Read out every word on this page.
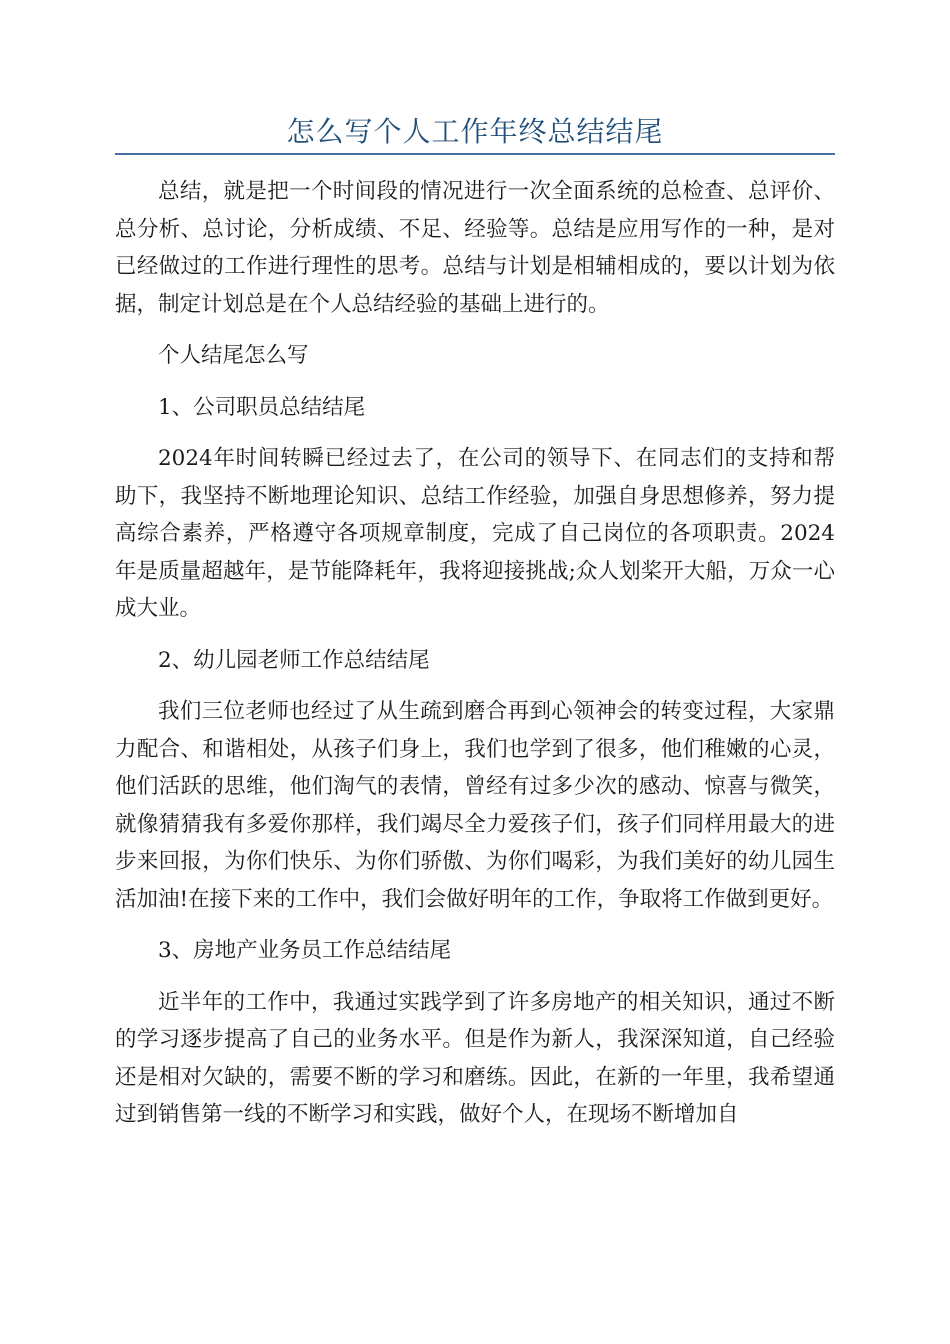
怎么写个人工作年终总结结尾

总结，就是把一个时间段的情况进行一次全面系统的总检查、总评价、总分析、总讨论，分析成绩、不足、经验等。总结是应用写作的一种，是对已经做过的工作进行理性的思考。总结与计划是相辅相成的，要以计划为依据，制定计划总是在个人总结经验的基础上进行的。

个人结尾怎么写

1、公司职员总结结尾

2024年时间转瞬已经过去了，在公司的领导下、在同志们的支持和帮助下，我坚持不断地理论知识、总结工作经验，加强自身思想修养，努力提高综合素养，严格遵守各项规章制度，完成了自己岗位的各项职责。2024年是质量超越年，是节能降耗年，我将迎接挑战;众人划桨开大船，万众一心成大业。

2、幼儿园老师工作总结结尾

我们三位老师也经过了从生疏到磨合再到心领神会的转变过程，大家鼎力配合、和谐相处，从孩子们身上，我们也学到了很多，他们稚嫩的心灵，他们活跃的思维，他们淘气的表情，曾经有过多少次的感动、惊喜与微笑，就像猜猜我有多爱你那样，我们竭尽全力爱孩子们，孩子们同样用最大的进步来回报，为你们快乐、为你们骄傲、为你们喝彩，为我们美好的幼儿园生活加油!在接下来的工作中，我们会做好明年的工作，争取将工作做到更好。

3、房地产业务员工作总结结尾

近半年的工作中，我通过实践学到了许多房地产的相关知识，通过不断的学习逐步提高了自己的业务水平。但是作为新人，我深深知道，自己经验还是相对欠缺的，需要不断的学习和磨练。因此，在新的一年里，我希望通过到销售第一线的不断学习和实践，做好个人，在现场不断增加自
